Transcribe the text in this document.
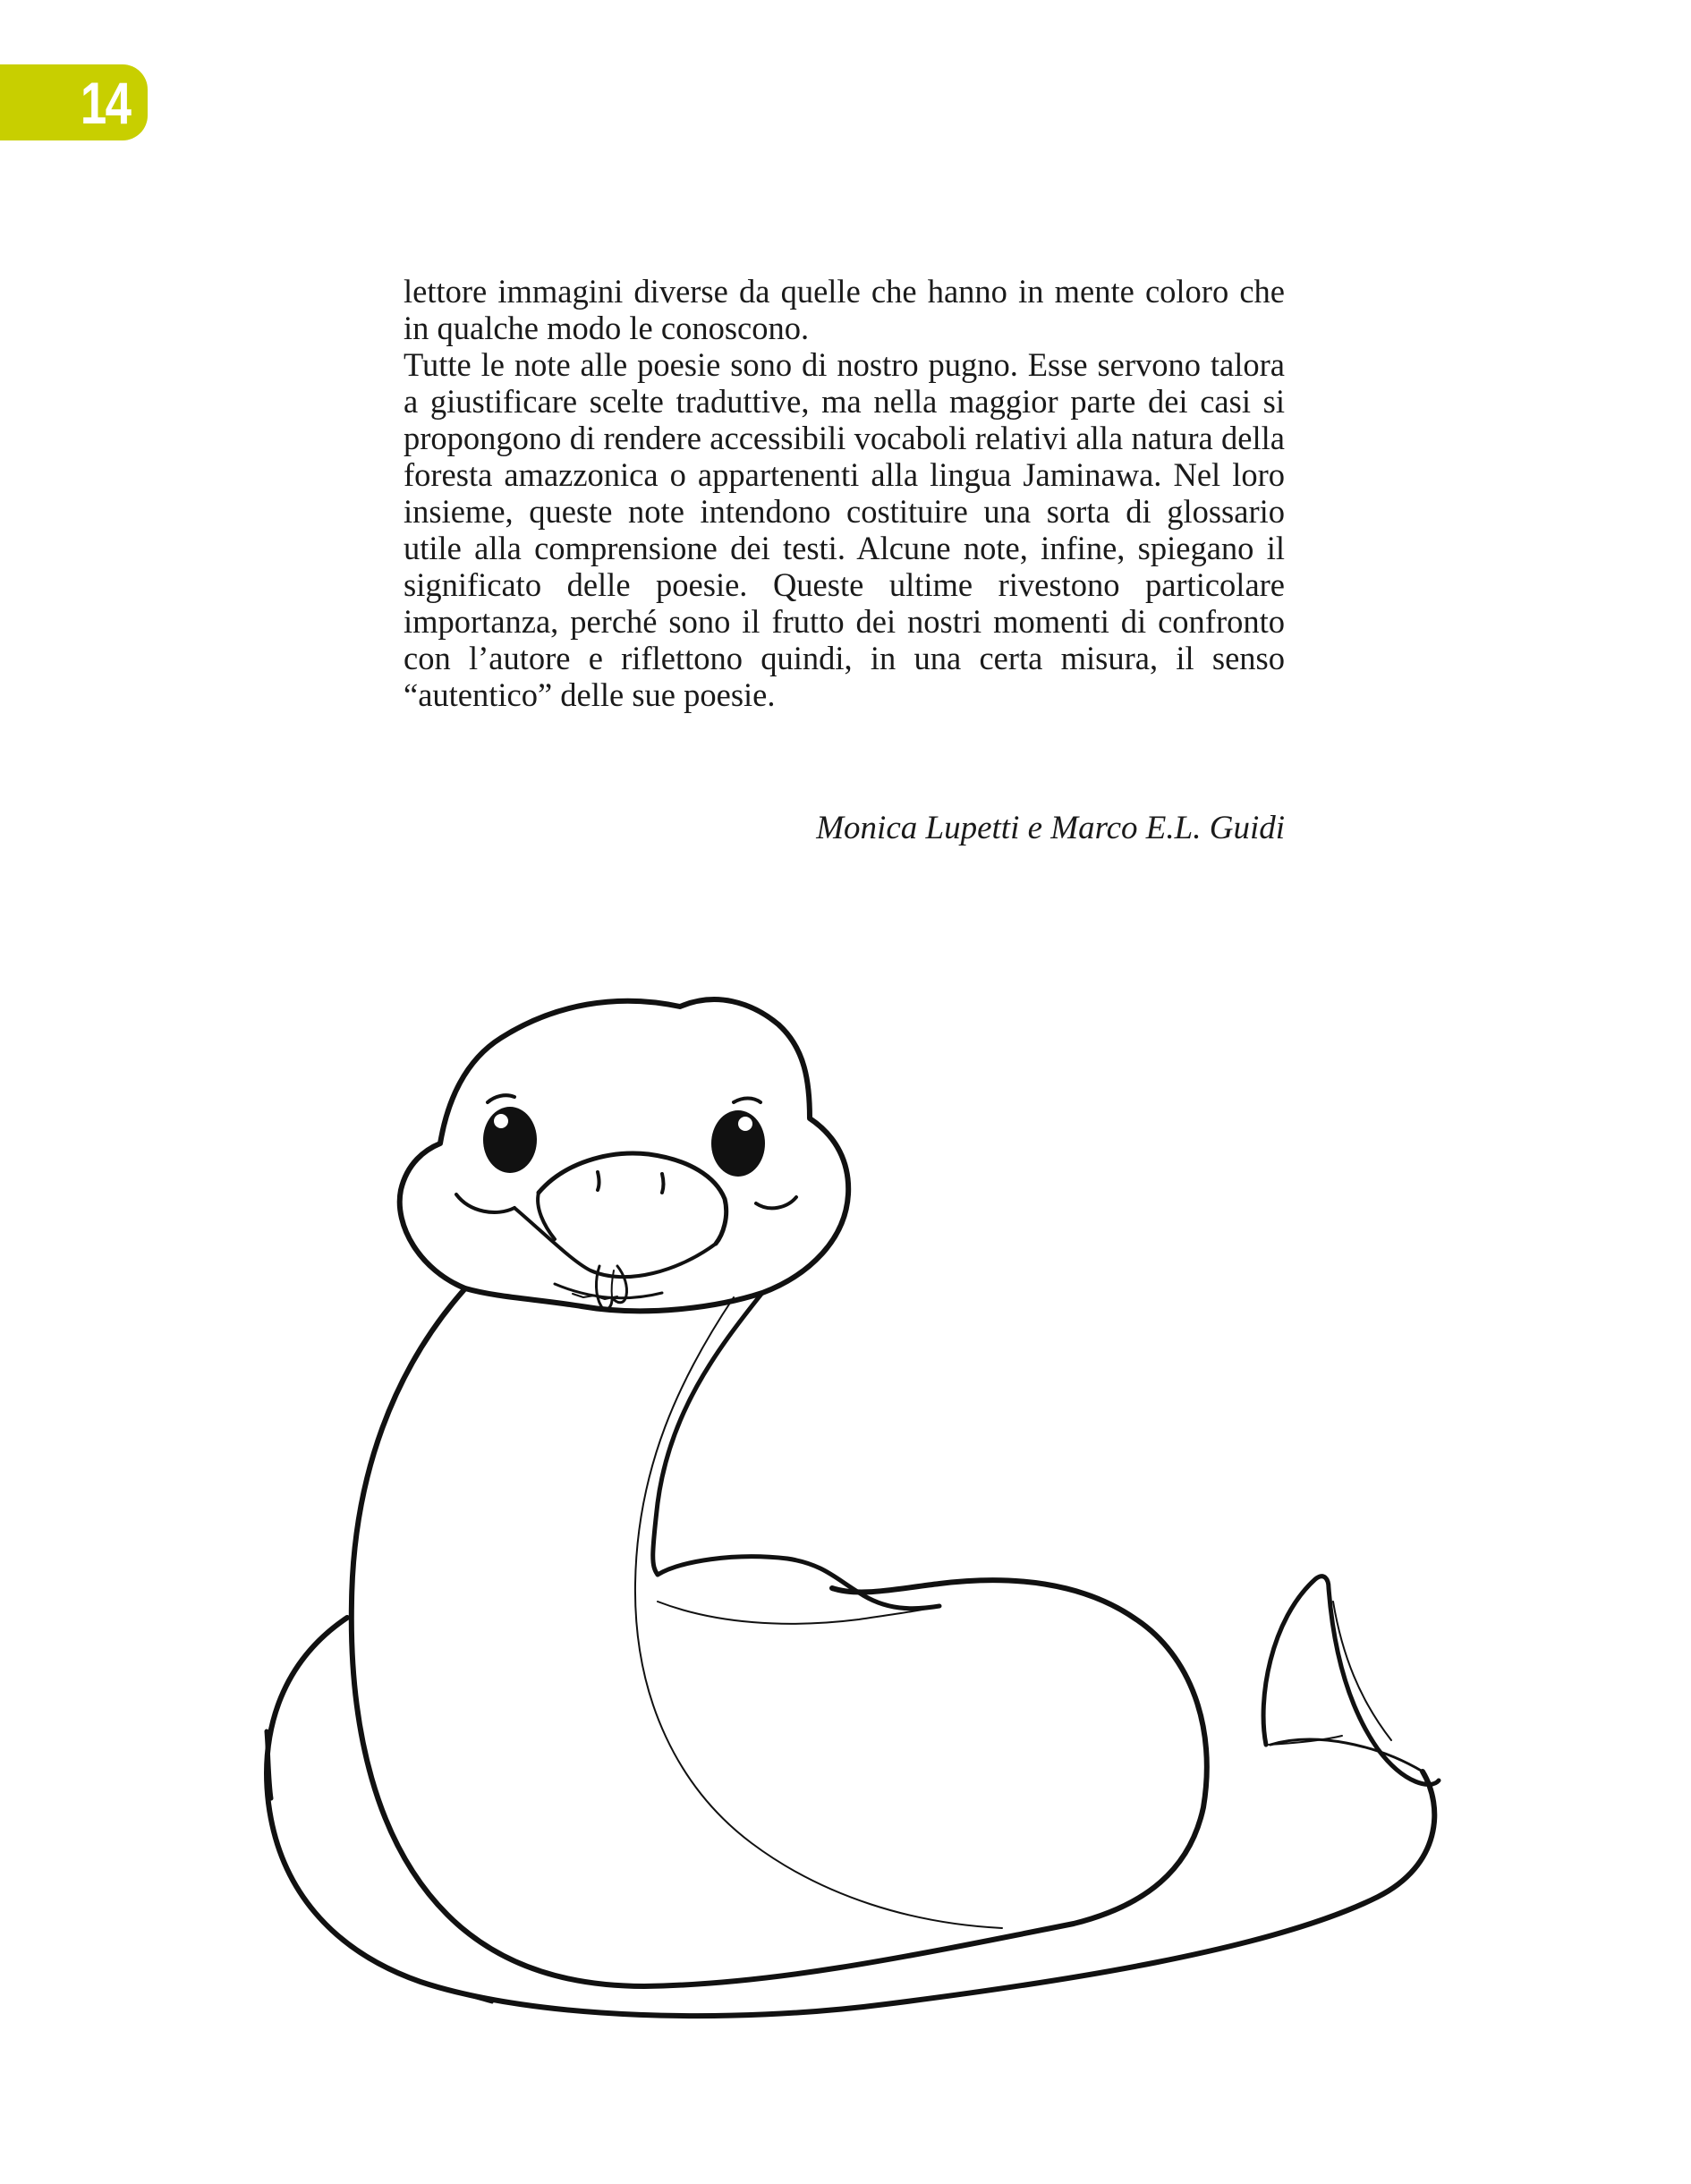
14

lettore immagini diverse da quelle che hanno in mente coloro che in qualche modo le conoscono.

Tutte le note alle poesie sono di nostro pugno. Esse servono talora a giustificare scelte traduttive, ma nella maggior parte dei casi si propongono di rendere accessibili vocaboli relativi alla natura della foresta amazzonica o appartenenti alla lingua Jaminawa. Nel loro insieme, queste note intendono costituire una sorta di glossario utile alla comprensione dei testi. Alcune note, infine, spiegano il significato delle poesie. Queste ultime rivestono particolare importanza, perché sono il frutto dei nostri momenti di confronto con l’autore e riflettono quindi, in una certa misura, il senso “autentico” delle sue poesie.

Monica Lupetti e Marco E.L. Guidi
